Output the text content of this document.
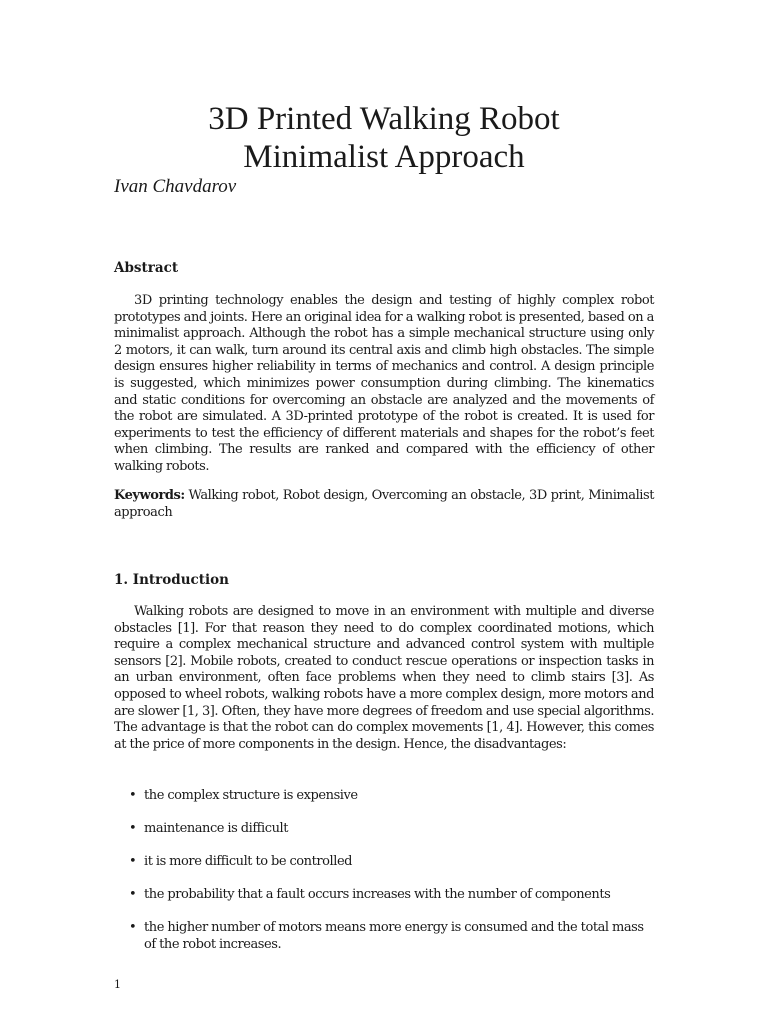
3D Printed Walking Robot
Minimalist Approach

Ivan Chavdarov

Abstract

3D printing technology enables the design and testing of highly complex robot prototypes and joints. Here an original idea for a walking robot is presented, based on a minimalist approach. Although the robot has a simple mechanical structure using only 2 motors, it can walk, turn around its central axis and climb high obstacles. The simple design ensures higher reliability in terms of mechanics and control. A design principle is suggested, which minimizes power consumption during climbing. The kinematics and static conditions for overcoming an obstacle are analyzed and the movements of the robot are simulated. A 3D-printed prototype of the robot is created. It is used for experiments to test the efficiency of different materials and shapes for the robot’s feet when climbing. The results are ranked and compared with the efficiency of other walking robots.

Keywords: Walking robot, Robot design, Overcoming an obstacle, 3D print, Minimalist approach

1. Introduction

Walking robots are designed to move in an environment with multiple and diverse obstacles [1]. For that reason they need to do complex coordinated motions, which require a complex mechanical structure and advanced control system with multiple sensors [2]. Mobile robots, created to conduct rescue operations or inspection tasks in an urban environment, often face problems when they need to climb stairs [3]. As opposed to wheel robots, walking robots have a more complex design, more motors and are slower [1, 3]. Often, they have more degrees of freedom and use special algorithms. The advantage is that the robot can do complex movements [1, 4]. However, this comes at the price of more components in the design. Hence, the disadvantages:

• the complex structure is expensive
• maintenance is difficult
• it is more difficult to be controlled
• the probability that a fault occurs increases with the number of components
• the higher number of motors means more energy is consumed and the total mass of the robot increases.

1
